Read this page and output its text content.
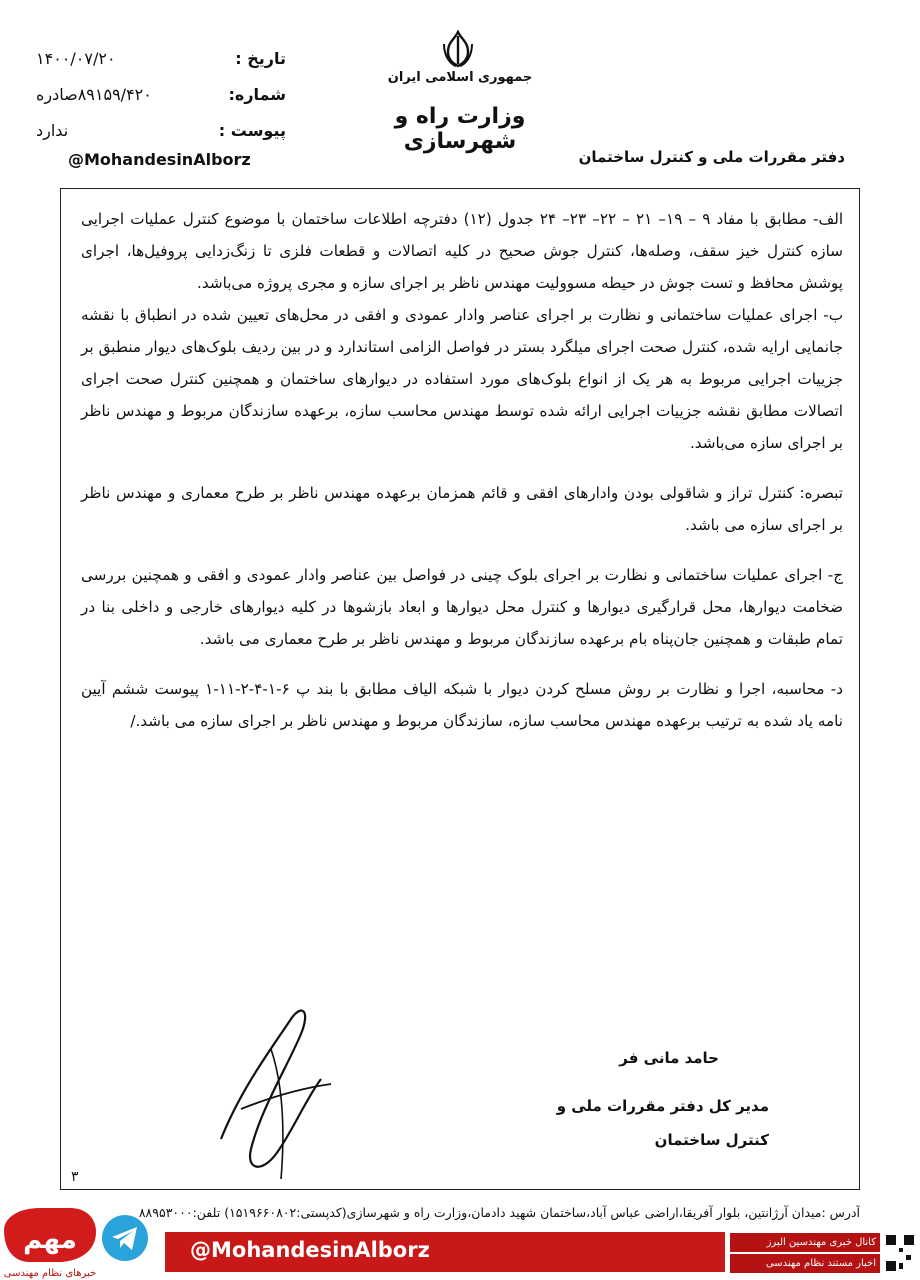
جمهوری اسلامی ایران
وزارت راه و شهرسازی
دفتر مقررات ملی و کنترل ساختمان
تاریخ :
۱۴۰۰/۰۷/۲۰
شماره:
۸۹۱۵۹/۴۲۰صادره
پیوست :
ندارد
@MohandesinAlborz

الف- مطابق با مفاد ۹ – ۱۹– ۲۱ – ۲۲– ۲۳– ۲۴ جدول (۱۲) دفترچه اطلاعات ساختمان با موضوع کنترل عملیات اجرایی سازه کنترل خیز سقف، وصله‌ها، کنترل جوش صحیح در کلیه اتصالات و قطعات فلزی تا زنگ‌زدایی پروفیل‌ها، اجرای پوشش محافظ و تست جوش در حیطه مسوولیت مهندس ناظر بر اجرای سازه و مجری پروژه می‌باشد.

ب- اجرای عملیات ساختمانی و نظارت بر اجرای عناصر وادار عمودی و افقی در محل‌های تعیین شده در انطباق با نقشه جانمایی ارایه شده، کنترل صحت اجرای میلگرد بستر در فواصل الزامی استاندارد و در بین ردیف بلوک‌های دیوار منطبق بر جزییات اجرایی مربوط به هر یک از انواع بلوک‌های مورد استفاده در دیوارهای ساختمان و همچنین کنترل صحت اجرای اتصالات مطابق نقشه جزییات اجرایی ارائه شده توسط مهندس محاسب سازه، برعهده سازندگان مربوط و مهندس ناظر بر اجرای سازه می‌باشد.

تبصره: کنترل تراز و شاقولی بودن وادارهای افقی و قائم همزمان برعهده مهندس ناظر بر طرح معماری و مهندس ناظر بر اجرای سازه می باشد.

ج- اجرای عملیات ساختمانی و نظارت بر اجرای بلوک چینی در فواصل بین عناصر وادار عمودی و افقی و همچنین بررسی ضخامت دیوارها، محل قرارگیری دیوارها و کنترل محل دیوارها و ابعاد بازشوها در کلیه دیوارهای خارجی و داخلی بنا در تمام طبقات و همچنین جان‌پناه بام برعهده سازندگان مربوط و مهندس ناظر بر طرح معماری می باشد.

د- محاسبه، اجرا و نظارت بر روش مسلح کردن دیوار با شبکه الیاف مطابق با بند پ ۶-۱-۴-۲-۱۱-۱ پیوست ششم آیین نامه یاد شده به ترتیب برعهده مهندس محاسب سازه، سازندگان مربوط و مهندس ناظر بر اجرای سازه می باشد./

حامد مانی فر
مدیر کل دفتر مقررات ملی و کنترل ساختمان
۳
آدرس :میدان آرژانتین، بلوار آفریقا،اراضی عباس آباد،ساختمان شهید دادمان،وزارت راه و شهرسازی(کدپستی:۱۵۱۹۶۶۰۸۰۲) تلفن:۸۸۹۵۳۰۰۰
مهم
خبرهای نظام مهندسی
@MohandesinAlborz	کانال خبری مهندسین البرز
اخبار مستند نظام مهندسی
